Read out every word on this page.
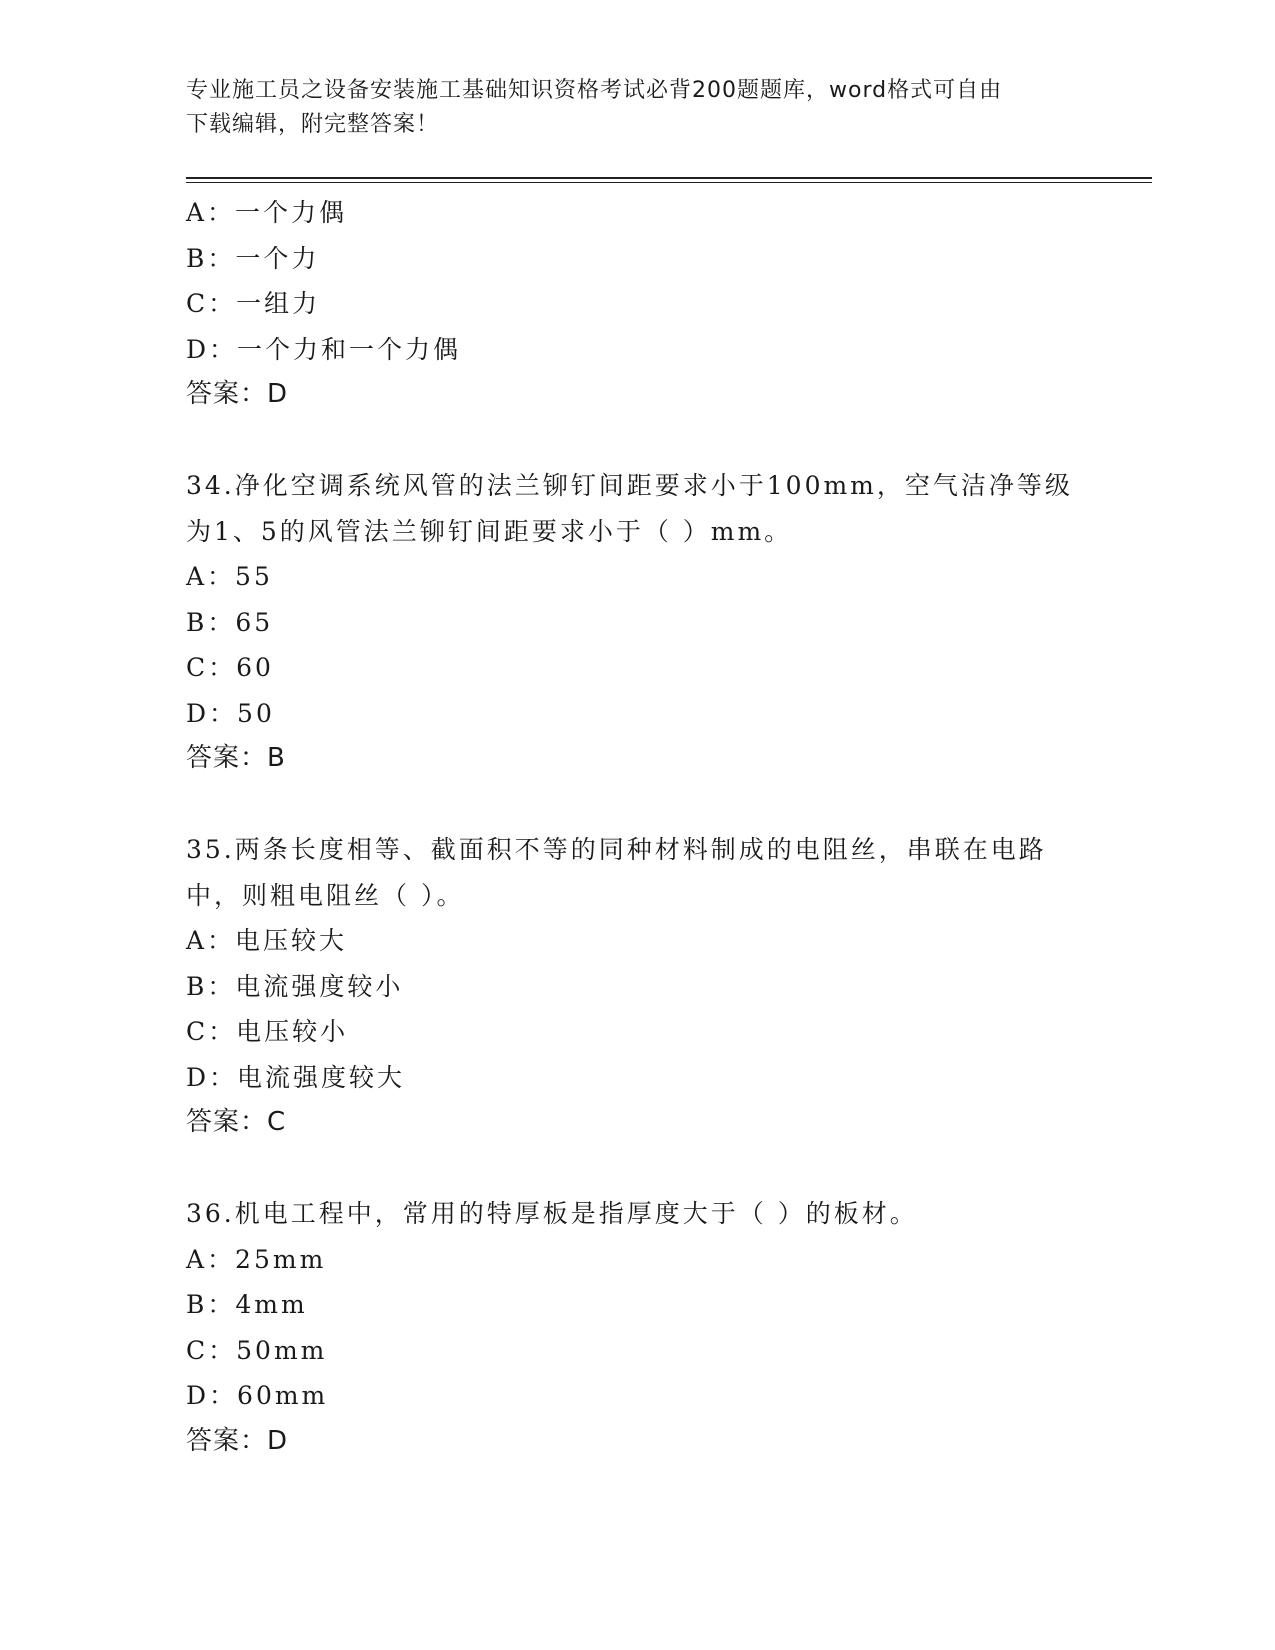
专业施工员之设备安装施工基础知识资格考试必背200题题库，word格式可自由
下载编辑，附完整答案！
A：一个力偶
B：一个力
C：一组力
D：一个力和一个力偶
答案：D
34.净化空调系统风管的法兰铆钉间距要求小于100mm，空气洁净等级
为1、5的风管法兰铆钉间距要求小于（ ）mm。
A：55
B：65
C：60
D：50
答案：B
35.两条长度相等、截面积不等的同种材料制成的电阻丝，串联在电路
中，则粗电阻丝（ ）。
A：电压较大
B：电流强度较小
C：电压较小
D：电流强度较大
答案：C
36.机电工程中，常用的特厚板是指厚度大于（ ）的板材。
A：25mm
B：4mm
C：50mm
D：60mm
答案：D
